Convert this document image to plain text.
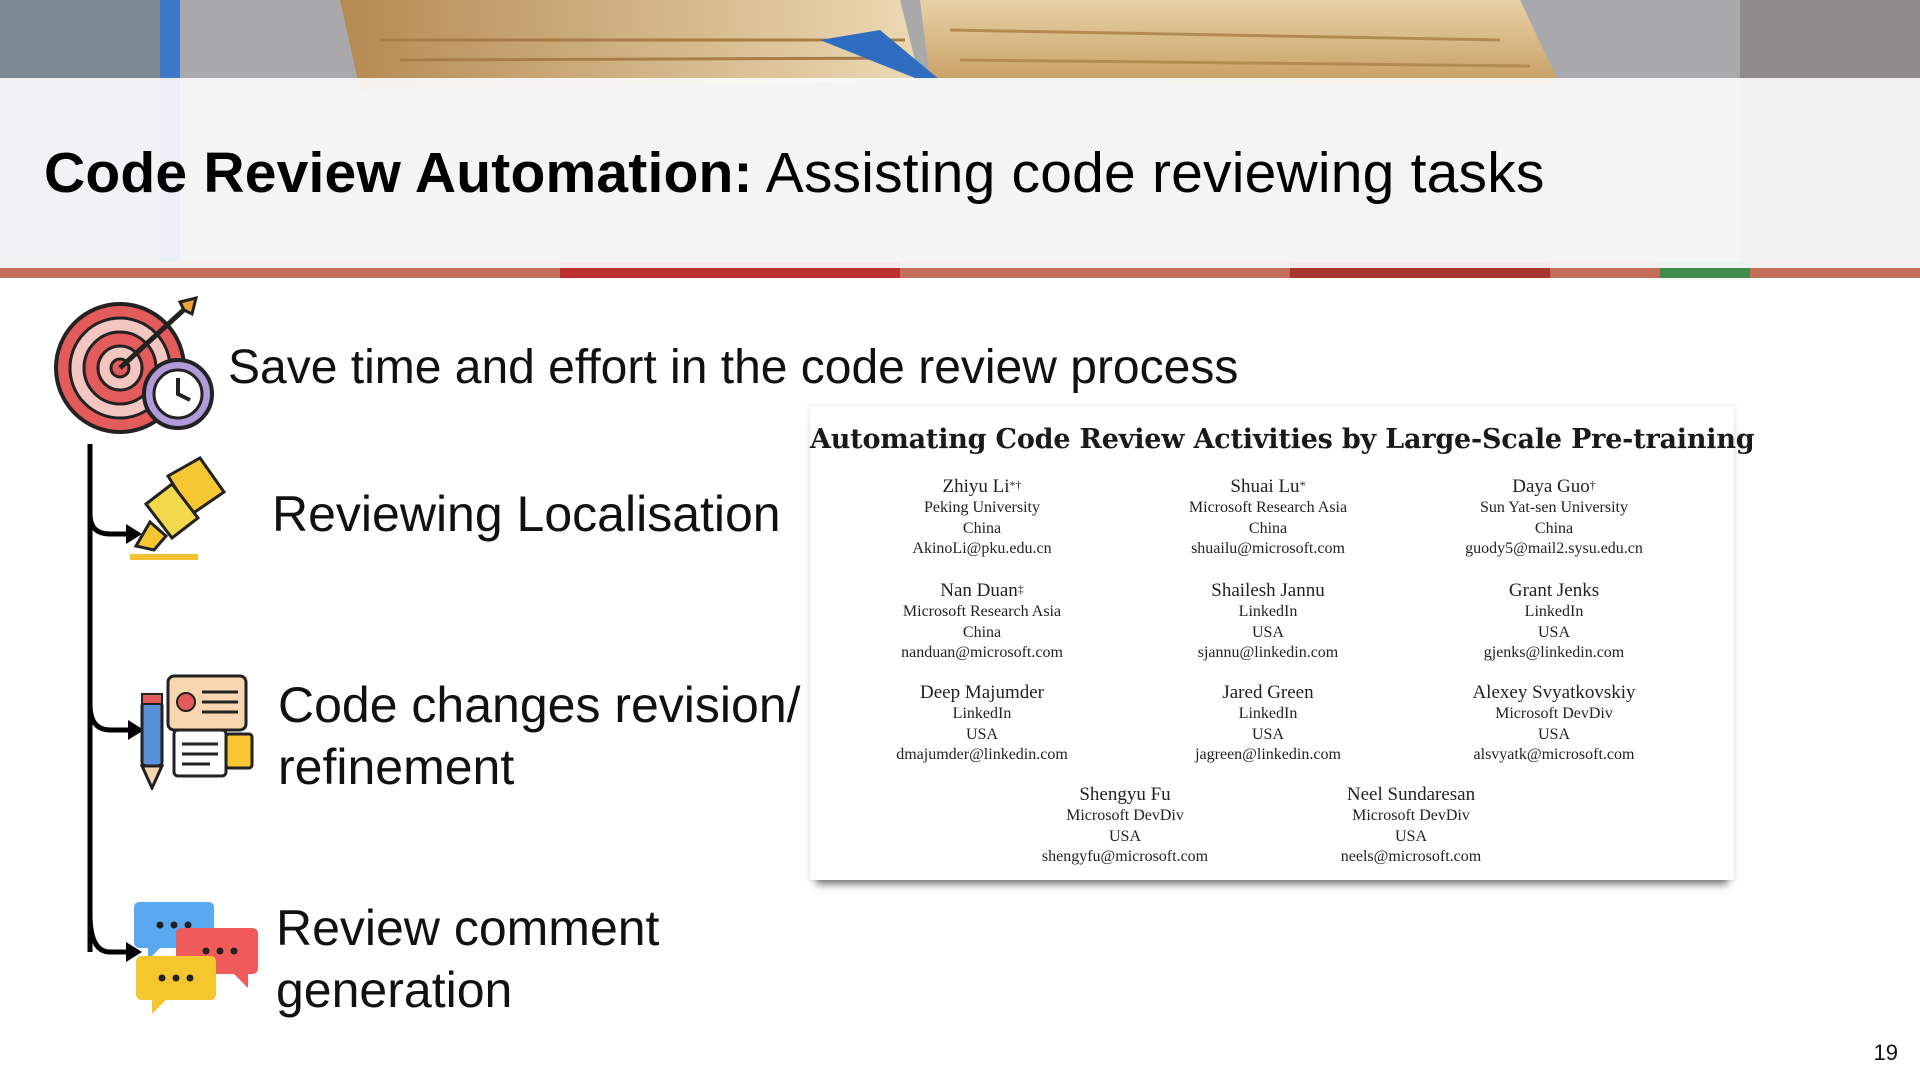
Code Review Automation: Assisting code reviewing tasks
Save time and effort in the code review process
Reviewing Localisation
Code changes revision/
refinement
Review comment
generation
Automating Code Review Activities by Large-Scale Pre-training
Zhiyu Li*†
Peking University
China
AkinoLi@pku.edu.cn
Shuai Lu*
Microsoft Research Asia
China
shuailu@microsoft.com
Daya Guo†
Sun Yat-sen University
China
guody5@mail2.sysu.edu.cn
Nan Duan‡
Microsoft Research Asia
China
nanduan@microsoft.com
Shailesh Jannu
LinkedIn
USA
sjannu@linkedin.com
Grant Jenks
LinkedIn
USA
gjenks@linkedin.com
Deep Majumder
LinkedIn
USA
dmajumder@linkedin.com
Jared Green
LinkedIn
USA
jagreen@linkedin.com
Alexey Svyatkovskiy
Microsoft DevDiv
USA
alsvyatk@microsoft.com
Shengyu Fu
Microsoft DevDiv
USA
shengyfu@microsoft.com
Neel Sundaresan
Microsoft DevDiv
USA
neels@microsoft.com
19
